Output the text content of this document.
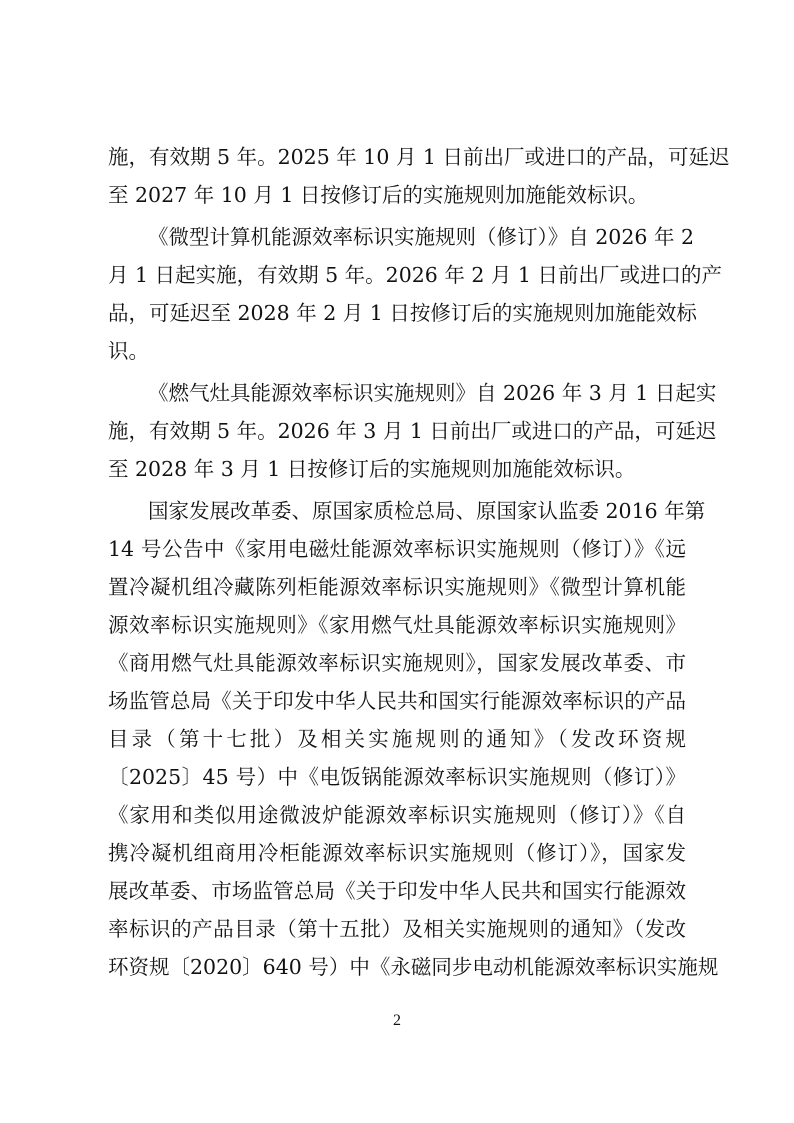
施，有效期 5 年。2025 年 10 月 1 日前出厂或进口的产品，可延迟
至 2027 年 10 月 1 日按修订后的实施规则加施能效标识。
《微型计算机能源效率标识实施规则（修订）》自 2026 年 2
月 1 日起实施，有效期 5 年。2026 年 2 月 1 日前出厂或进口的产
品，可延迟至 2028 年 2 月 1 日按修订后的实施规则加施能效标
识。
《燃气灶具能源效率标识实施规则》自 2026 年 3 月 1 日起实
施，有效期 5 年。2026 年 3 月 1 日前出厂或进口的产品，可延迟
至 2028 年 3 月 1 日按修订后的实施规则加施能效标识。
国家发展改革委、原国家质检总局、原国家认监委 2016 年第
14 号公告中《家用电磁灶能源效率标识实施规则（修订）》《远
置冷凝机组冷藏陈列柜能源效率标识实施规则》《微型计算机能
源效率标识实施规则》《家用燃气灶具能源效率标识实施规则》
《商用燃气灶具能源效率标识实施规则》，国家发展改革委、市
场监管总局《关于印发中华人民共和国实行能源效率标识的产品
目录（第十七批）及相关实施规则的通知》（发改环资规
〔2025〕45 号）中《电饭锅能源效率标识实施规则（修订）》
《家用和类似用途微波炉能源效率标识实施规则（修订）》《自
携冷凝机组商用冷柜能源效率标识实施规则（修订）》，国家发
展改革委、市场监管总局《关于印发中华人民共和国实行能源效
率标识的产品目录（第十五批）及相关实施规则的通知》（发改
环资规〔2020〕640 号）中《永磁同步电动机能源效率标识实施规
2
